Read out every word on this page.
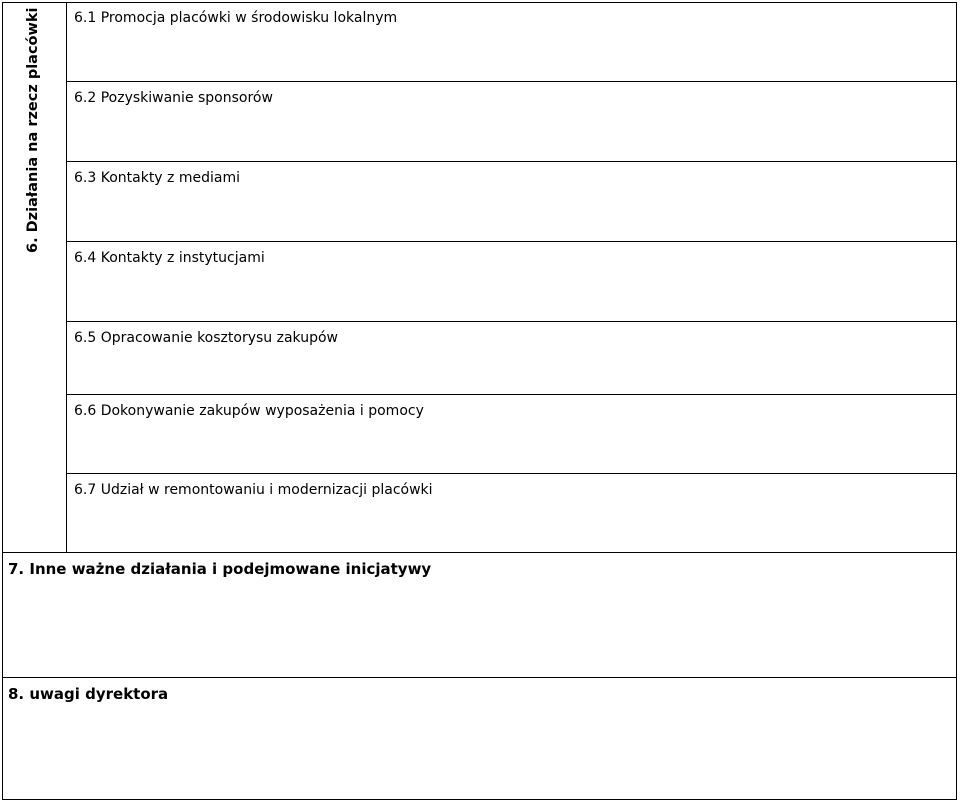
6. Działania na rzecz placówki 6.1 Promocja placówki w środowisku lokalnym
6.2 Pozyskiwanie sponsorów
6.3 Kontakty z mediami
6.4 Kontakty z instytucjami
6.5 Opracowanie kosztorysu zakupów
6.6 Dokonywanie zakupów wyposażenia i pomocy
6.7 Udział w remontowaniu i modernizacji placówki
7. Inne ważne działania i podejmowane inicjatywy
8. uwagi dyrektora
